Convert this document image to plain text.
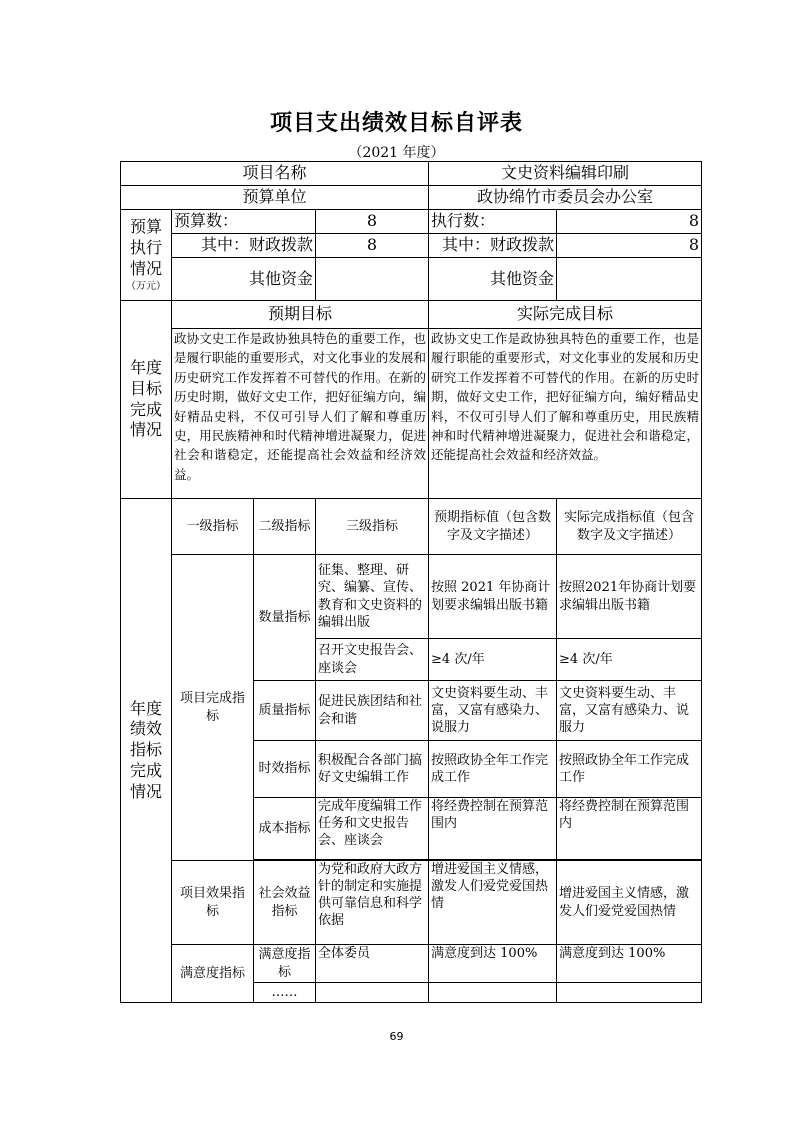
项目支出绩效目标自评表
（2021 年度）
项目名称				文史资料编辑印刷	
预算单位				政协绵竹市委员会办公室	

预算
执行
情况
（万元）	预算数：		8	执行数：	8
	其中：财政拨款		8	其中：财政拨款	8
	其他资金			其他资金	

年度
目标
完成
情况	预期目标			实际完成目标	
	政协文史工作是政协独具特色的重要工作，也是履行职能的重要形式，对文化事业的发展和历史研究工作发挥着不可替代的作用。在新的历史时期，做好文史工作，把好征编方向，编好精品史料，不仅可引导人们了解和尊重历史，用民族精神和时代精神增进凝聚力，促进社会和谐稳定，还能提高社会效益和经济效益。			政协文史工作是政协独具特色的重要工作，也是履行职能的重要形式，对文化事业的发展和历史研究工作发挥着不可替代的作用。在新的历史时期，做好文史工作，把好征编方向，编好精品史料，不仅可引导人们了解和尊重历史，用民族精神和时代精神增进凝聚力，促进社会和谐稳定，还能提高社会效益和经济效益。	

年度
绩效
指标
完成
情况	一级指标	二级指标	三级指标	预期指标值（包含数字及文字描述）	实际完成指标值（包含数字及文字描述）
	项目完成指标	数量指标	征集、整理、研究、编纂、宣传、教育和文史资料的编辑出版	按照 2021 年协商计划要求编辑出版书籍	按照2021年协商计划要求编辑出版书籍
			召开文史报告会、座谈会	≥4 次/年	≥4 次/年
		质量指标	促进民族团结和社会和谐	文史资料要生动、丰富，又富有感染力、说服力	文史资料要生动、丰富，又富有感染力、说服力
		时效指标	积极配合各部门搞好文史编辑工作	按照政协全年工作完成工作	按照政协全年工作完成工作
		成本指标	完成年度编辑工作任务和文史报告会、座谈会	将经费控制在预算范围内	将经费控制在预算范围内

	项目效果指标	社会效益指标	为党和政府大政方针的制定和实施提供可靠信息和科学依据	增进爱国主义情感，激发人们爱党爱国热情	增进爱国主义情感，激发人们爱党爱国热情
	满意度指标	满意度指标	全体委员	满意度到达 100%	满意度到达 100%
		……			
69
